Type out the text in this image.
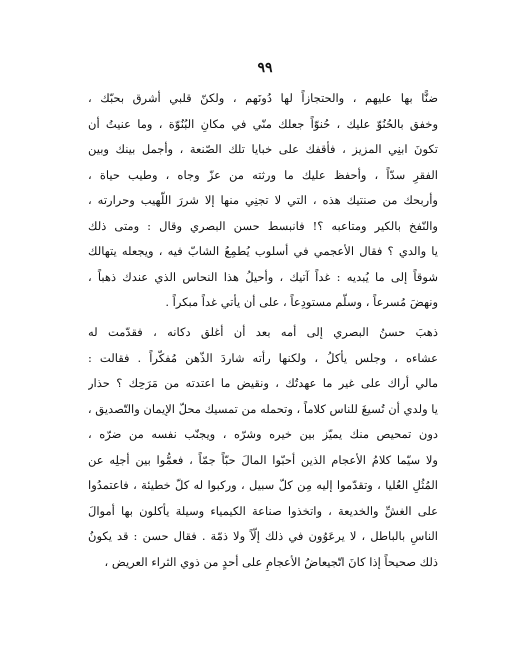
٩٩
ضنًّا بها عليهم ، والحتجازاً لها دُونَهم ، ولكنّ قلبي أشرق بحبّك ،
وخفق بالحُنُوّ عليك ، حُنوّاً جعلك منّي في مكانِ البُنُوّة ، وما عنيتُ أن
تكونَ ابنِي المزيز ، فأقفك على خبايا تلك الصّنعة ، وأجمل بينك وبين
الفقرِ سدّاً ، وأحفظ عليك ما ورثته من عزّ وجاه ، وطيب حياة ،
وأربحك من صنتيك هذه ، التي لا تجنِي منها إلا شررَ اللّهيب وحرارته ،
والنّفخ بالكير ومتاعبه ؟! فانبسط حسن البصري وقال : ومتى ذلك
يا والدي ؟ فقال الأعجمي في أسلوب يُطمِعُ الشابّ فيه ، ويجعله يتهالك
شوقاً إلى ما يُبديه : غداً آتيك ، وأحيلُ هذا النحاس الذي عندك ذهباً ،
ونهضَ مُسرعاً ، وسلّم مستودِعاً ، على أن يأتي غداً مبكراً .
ذهبَ حسنُ البصري إلى أمه بعد أن أغلق دكانه ، فقدّمت له
عشاءه ، وجلس يأكلُ ، ولكنها رأته شاردَ الذّهن مُفكّراً . فقالت :
مالي أراك على غير ما عهدتُك ، ونقيض ما اعتدته من مَرَحِك ؟ حذار
يا ولدي أن تُسيغَ للناس كلاماً ، وتحمله من تمسيك محلّ الإيمان والتّصديق ،
دون تمحيص منك يميّز بين خيره وشرّه ، ويجنّب نفسه من ضرّه ،
ولا سيّما كلامُ الأعجام الذين أحبّوا المالَ حبّاً جمّاً ، فعمُّوا بين أجلِه عن
المُثُلِ العُليا ، وتقدّموا إليه مِن كلّ سبيل ، وركبوا له كلّ خطيئة ، فاعتمدُوا
على الغشِّ والخديعة ، واتخذوا صناعة الكيمياء وسيلة يأكلون بها أموالَ
الناسِ بالباطل ، لا يرعَوُون في ذلك إلّاً ولا ذمّة . فقال حسن : قد يكونُ
ذلك صحيحاً إذا كانَ اتّجيعاضُ الأعجامِ على أحدٍ من ذوي الثراء العريض ،
